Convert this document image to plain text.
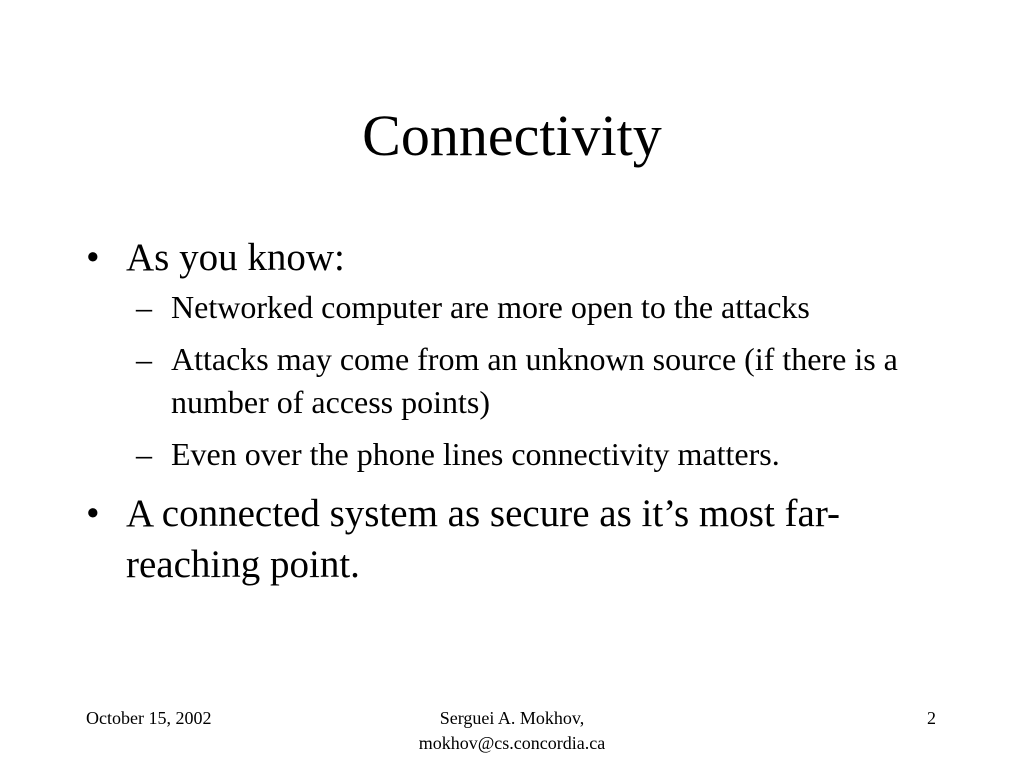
Connectivity
• As you know:
– Networked computer are more open to the attacks
– Attacks may come from an unknown source (if there is a number of access points)
– Even over the phone lines connectivity matters.
• A connected system as secure as it’s most far-reaching point.
October 15, 2002	Serguei A. Mokhov,
mokhov@cs.concordia.ca
2
